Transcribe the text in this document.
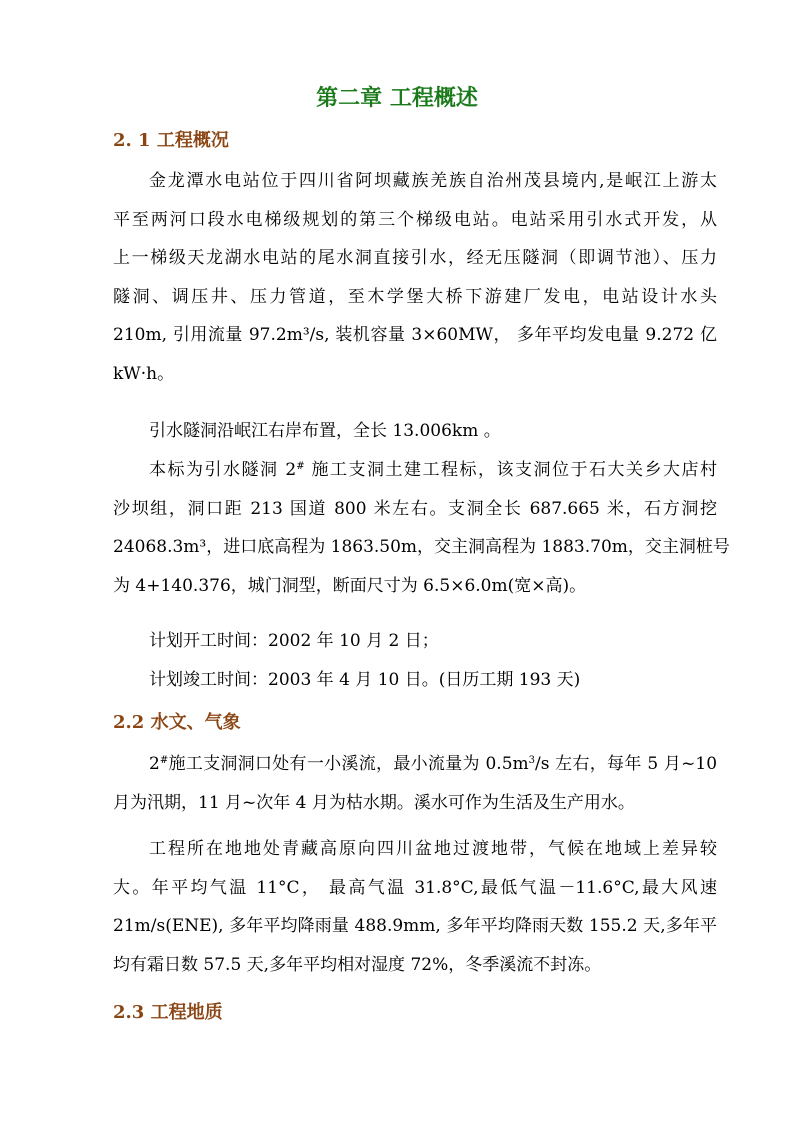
第二章 工程概述
2. 1 工程概况
金龙潭水电站位于四川省阿坝藏族羌族自治州茂县境内,是岷江上游太
平至两河口段水电梯级规划的第三个梯级电站。电站采用引水式开发，从
上一梯级天龙湖水电站的尾水洞直接引水，经无压隧洞（即调节池）、压力
隧洞、调压井、压力管道，至木学堡大桥下游建厂发电，电站设计水头
210m, 引用流量 97.2m³/s, 装机容量 3×60MW， 多年平均发电量 9.272 亿
kW·h。
引水隧洞沿岷江右岸布置，全长 13.006km 。
本标为引水隧洞 2# 施工支洞土建工程标，该支洞位于石大关乡大店村
沙坝组，洞口距 213 国道 800 米左右。支洞全长 687.665 米，石方洞挖
24068.3m³，进口底高程为 1863.50m，交主洞高程为 1883.70m，交主洞桩号
为 4+140.376，城门洞型，断面尺寸为 6.5×6.0m(宽×高)。
计划开工时间：2002 年 10 月 2 日；
计划竣工时间：2003 年 4 月 10 日。(日历工期 193 天)
2.2 水文、气象
2#施工支洞洞口处有一小溪流，最小流量为 $0.5m^3/s$ 左右，每年 5 月~10
月为汛期，11 月~次年 4 月为枯水期。溪水可作为生活及生产用水。
工程所在地地处青藏高原向四川盆地过渡地带，气候在地域上差异较
大。年平均气温 11°C， 最高气温 31.8°C,最低气温－11.6°C,最大风速
21m/s(ENE), 多年平均降雨量 488.9mm, 多年平均降雨天数 155.2 天,多年平
均有霜日数 57.5 天,多年平均相对湿度 72%，冬季溪流不封冻。
2.3 工程地质
